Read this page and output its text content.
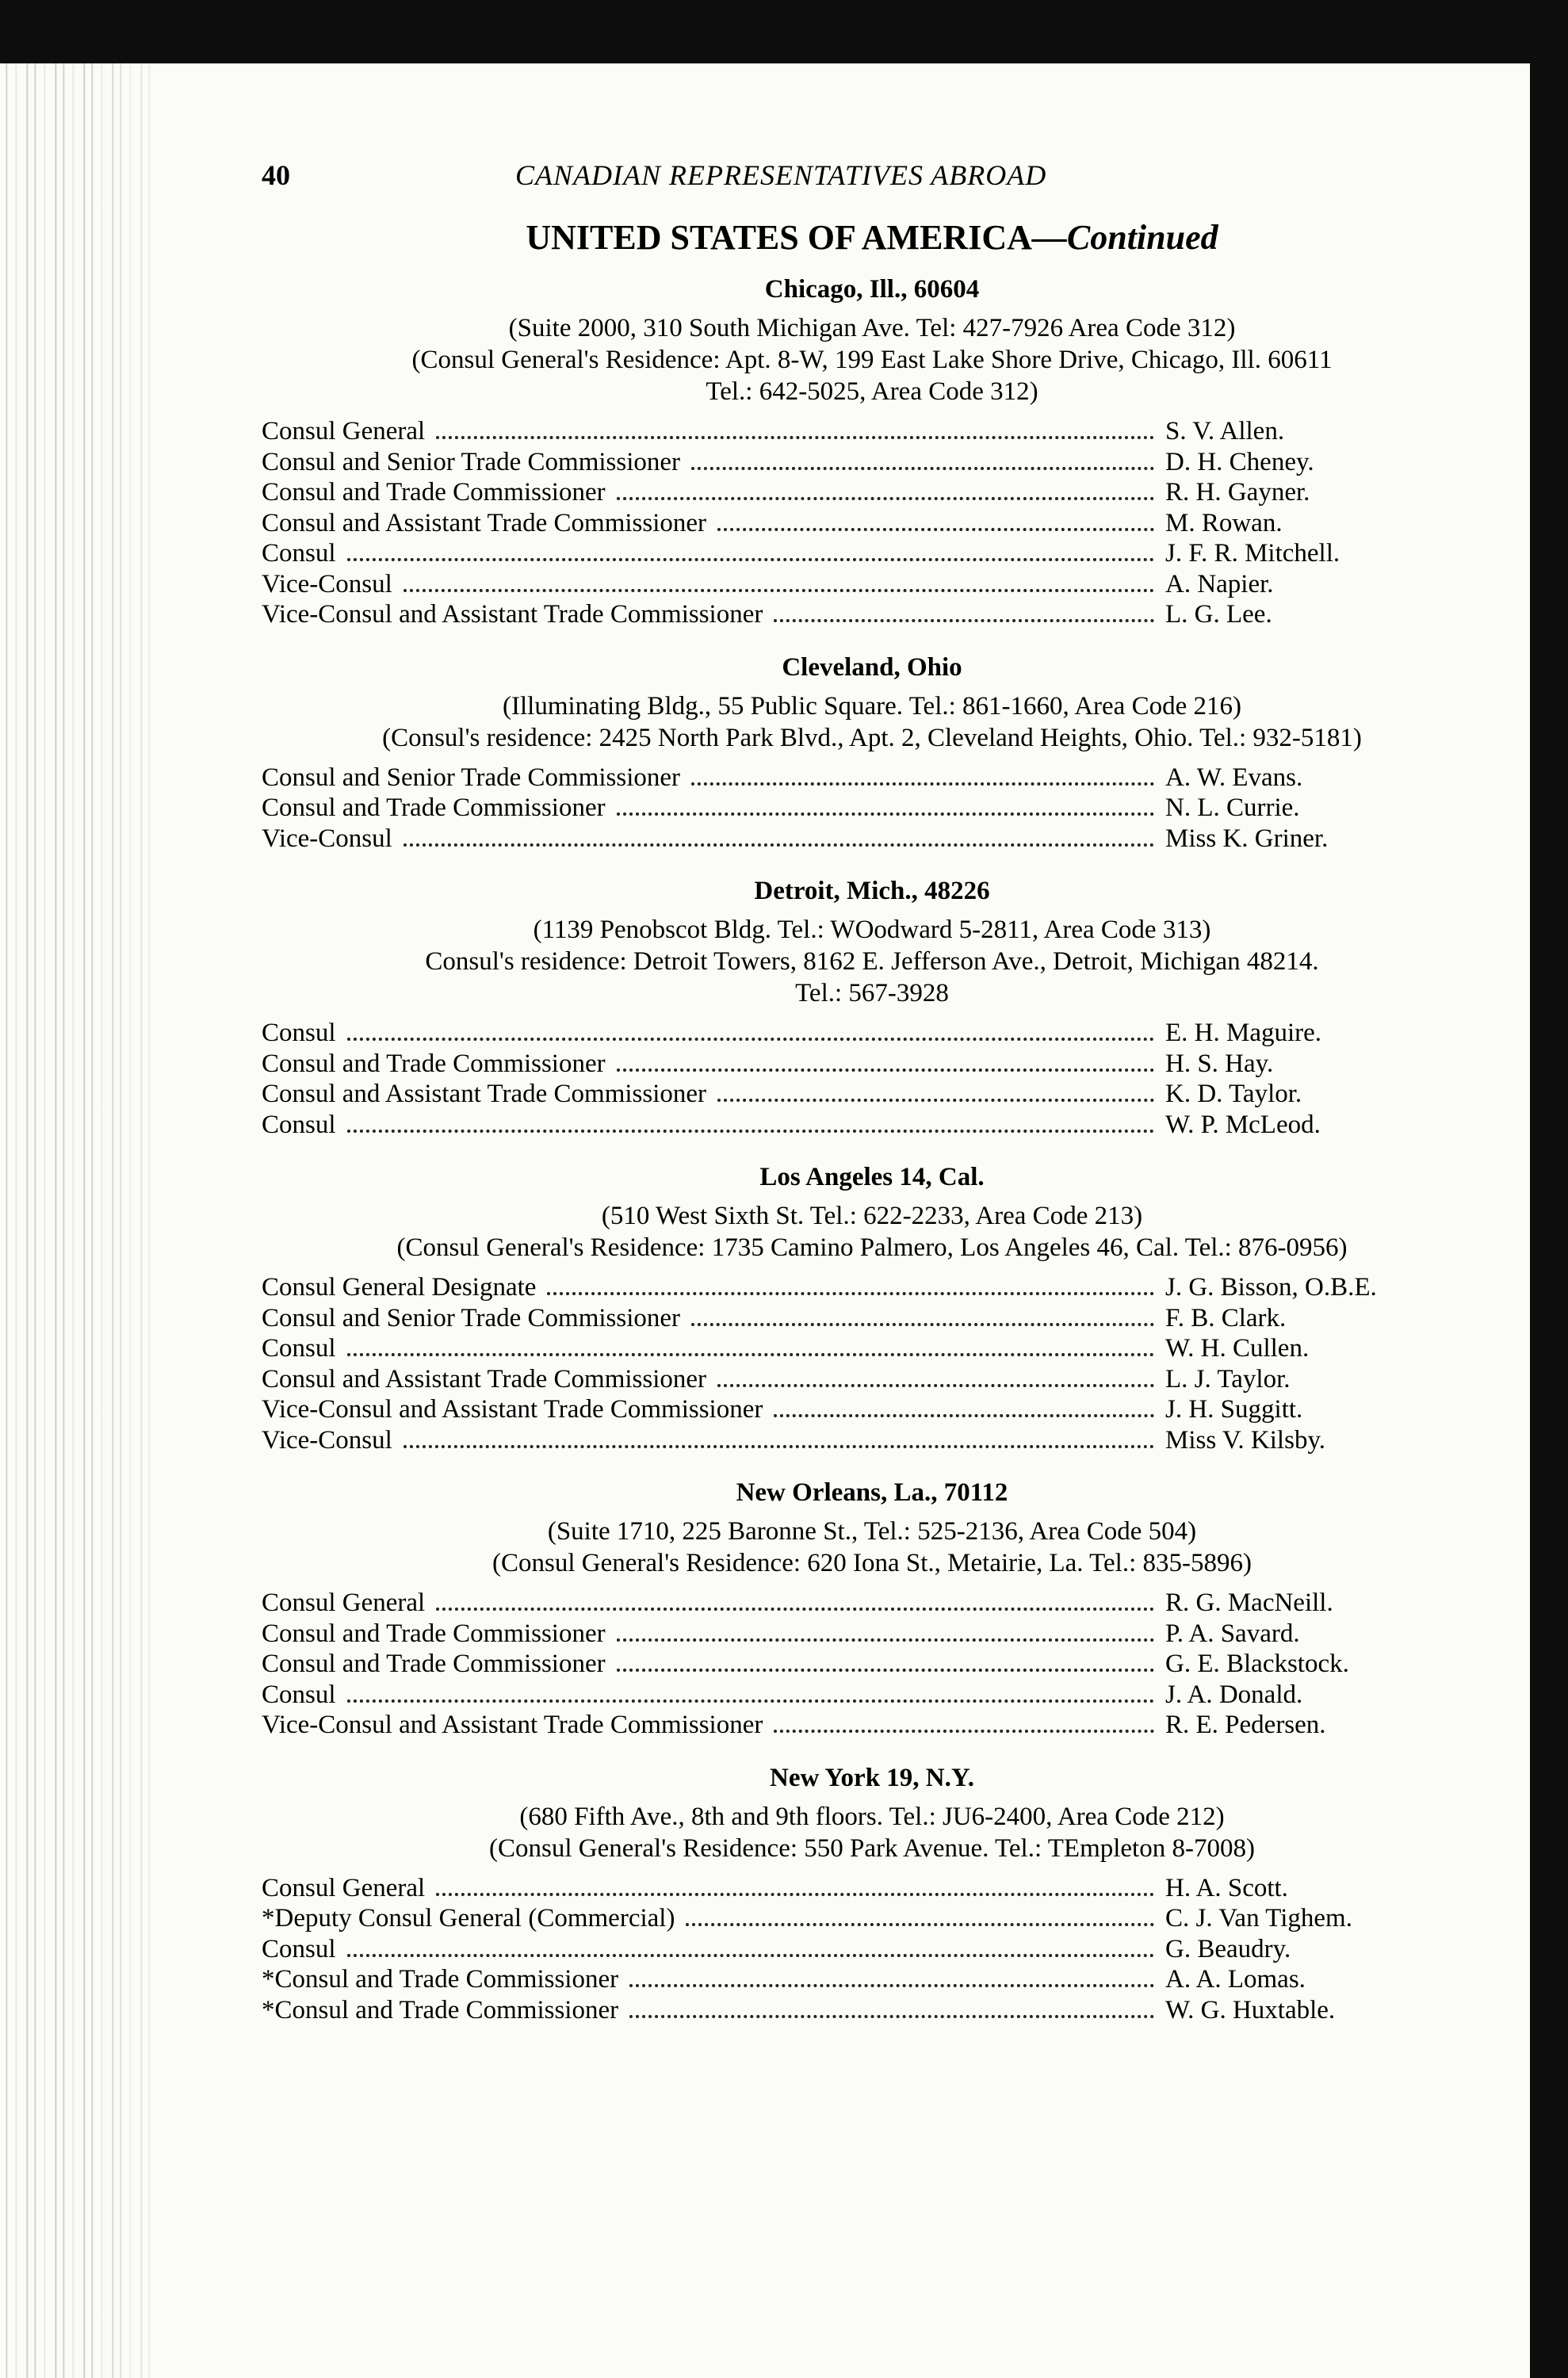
40	CANADIAN REPRESENTATIVES ABROAD
UNITED STATES OF AMERICA—Continued
Chicago, Ill., 60604
(Suite 2000, 310 South Michigan Ave. Tel: 427-7926 Area Code 312)
(Consul General's Residence: Apt. 8-W, 199 East Lake Shore Drive, Chicago, Ill. 60611
Tel.: 642-5025, Area Code 312)
Consul General	S. V. Allen.
Consul and Senior Trade Commissioner	D. H. Cheney.
Consul and Trade Commissioner	R. H. Gayner.
Consul and Assistant Trade Commissioner	M. Rowan.
Consul	J. F. R. Mitchell.
Vice-Consul	A. Napier.
Vice-Consul and Assistant Trade Commissioner	L. G. Lee.
Cleveland, Ohio
(Illuminating Bldg., 55 Public Square. Tel.: 861-1660, Area Code 216)
(Consul's residence: 2425 North Park Blvd., Apt. 2, Cleveland Heights, Ohio. Tel.: 932-5181)
Consul and Senior Trade Commissioner	A. W. Evans.
Consul and Trade Commissioner	N. L. Currie.
Vice-Consul	Miss K. Griner.
Detroit, Mich., 48226
(1139 Penobscot Bldg. Tel.: WOodward 5-2811, Area Code 313)
Consul's residence: Detroit Towers, 8162 E. Jefferson Ave., Detroit, Michigan 48214.
Tel.: 567-3928
Consul	E. H. Maguire.
Consul and Trade Commissioner	H. S. Hay.
Consul and Assistant Trade Commissioner	K. D. Taylor.
Consul	W. P. McLeod.
Los Angeles 14, Cal.
(510 West Sixth St. Tel.: 622-2233, Area Code 213)
(Consul General's Residence: 1735 Camino Palmero, Los Angeles 46, Cal. Tel.: 876-0956)
Consul General Designate	J. G. Bisson, O.B.E.
Consul and Senior Trade Commissioner	F. B. Clark.
Consul	W. H. Cullen.
Consul and Assistant Trade Commissioner	L. J. Taylor.
Vice-Consul and Assistant Trade Commissioner	J. H. Suggitt.
Vice-Consul	Miss V. Kilsby.
New Orleans, La., 70112
(Suite 1710, 225 Baronne St., Tel.: 525-2136, Area Code 504)
(Consul General's Residence: 620 Iona St., Metairie, La. Tel.: 835-5896)
Consul General	R. G. MacNeill.
Consul and Trade Commissioner	P. A. Savard.
Consul and Trade Commissioner	G. E. Blackstock.
Consul	J. A. Donald.
Vice-Consul and Assistant Trade Commissioner	R. E. Pedersen.
New York 19, N.Y.
(680 Fifth Ave., 8th and 9th floors. Tel.: JU6-2400, Area Code 212)
(Consul General's Residence: 550 Park Avenue. Tel.: TEmpleton 8-7008)
Consul General	H. A. Scott.
*Deputy Consul General (Commercial)	C. J. Van Tighem.
Consul	G. Beaudry.
*Consul and Trade Commissioner	A. A. Lomas.
*Consul and Trade Commissioner	W. G. Huxtable.
